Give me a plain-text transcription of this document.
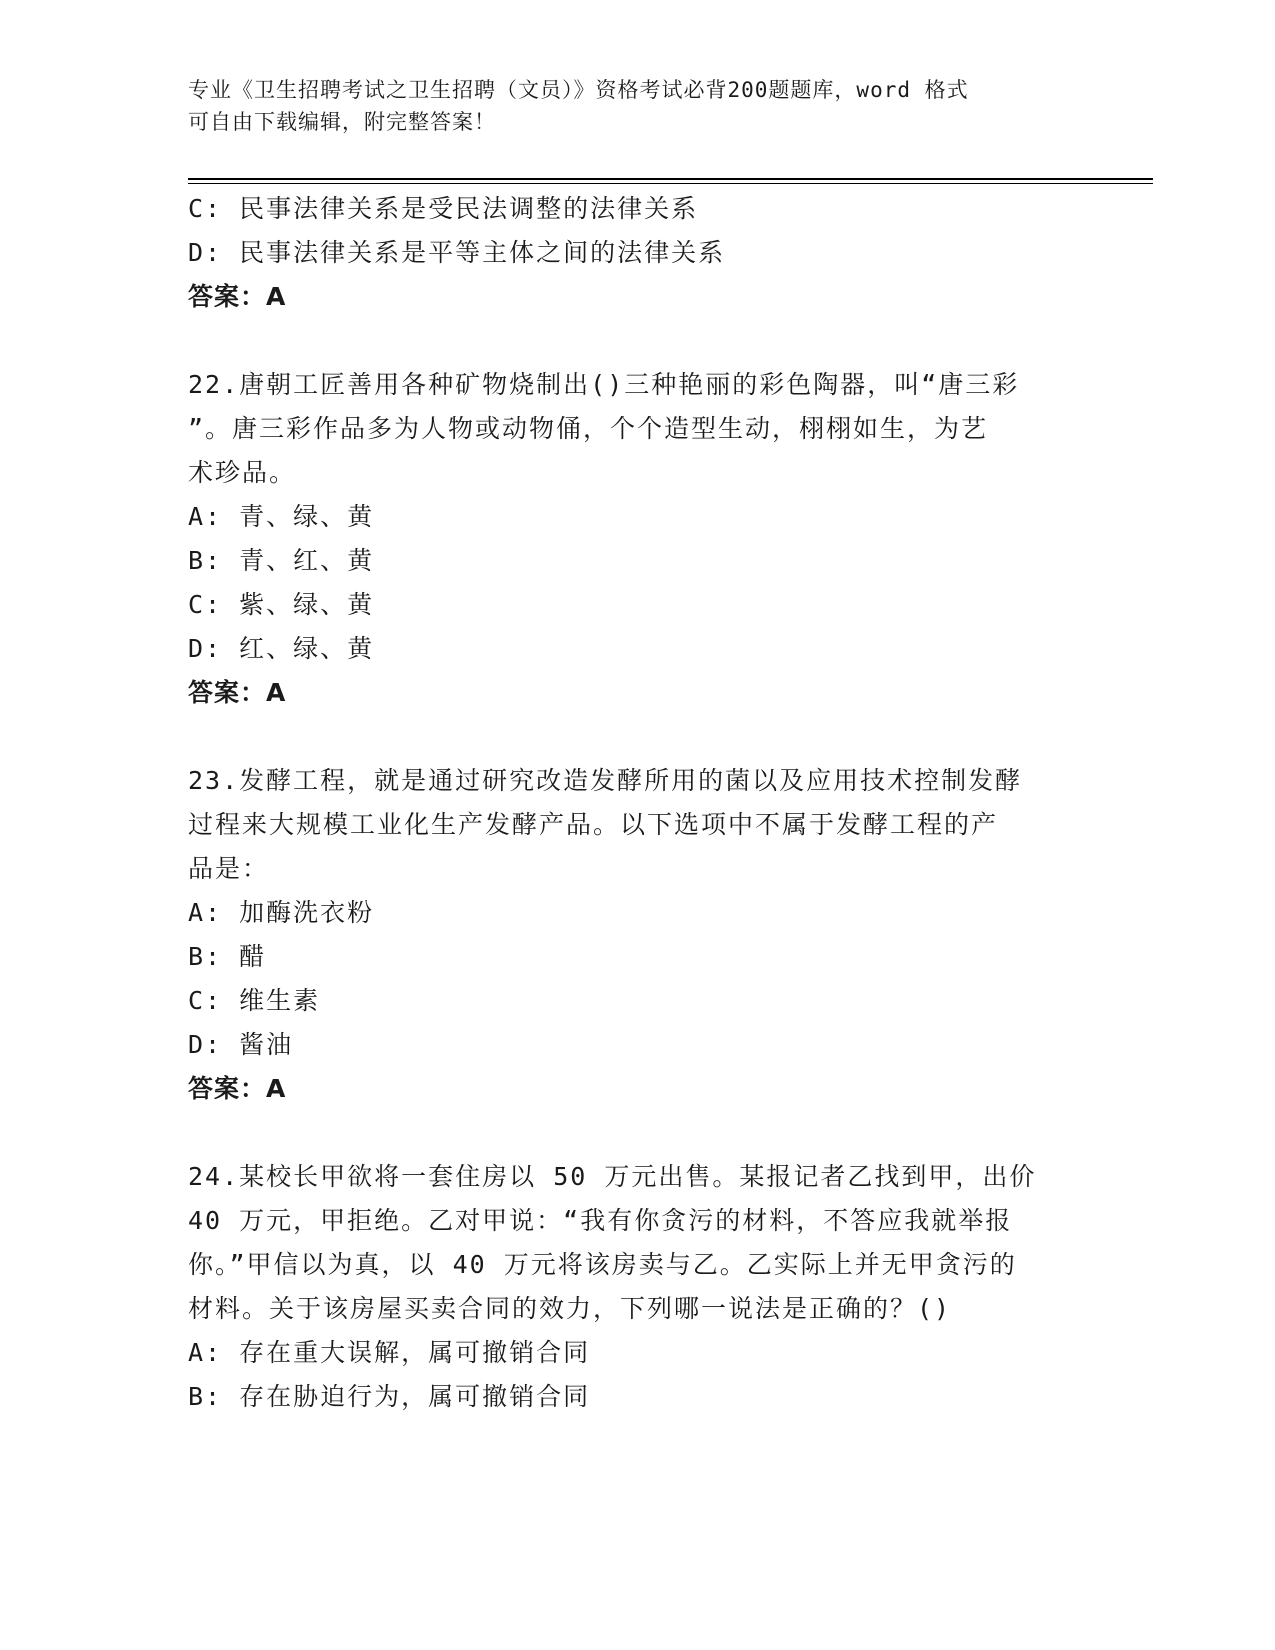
专业《卫生招聘考试之卫生招聘（文员）》资格考试必背200题题库，word 格式
可自由下载编辑，附完整答案！
C: 民事法律关系是受民法调整的法律关系
D: 民事法律关系是平等主体之间的法律关系
答案：A
22.唐朝工匠善用各种矿物烧制出()三种艳丽的彩色陶器，叫“唐三彩
”。唐三彩作品多为人物或动物俑，个个造型生动，栩栩如生，为艺
术珍品。
A: 青、绿、黄
B: 青、红、黄
C: 紫、绿、黄
D: 红、绿、黄
答案：A
23.发酵工程，就是通过研究改造发酵所用的菌以及应用技术控制发酵
过程来大规模工业化生产发酵产品。以下选项中不属于发酵工程的产
品是：
A: 加酶洗衣粉
B: 醋
C: 维生素
D: 酱油
答案：A
24.某校长甲欲将一套住房以 50 万元出售。某报记者乙找到甲，出价
40 万元，甲拒绝。乙对甲说：“我有你贪污的材料，不答应我就举报
你。”甲信以为真，以 40 万元将该房卖与乙。乙实际上并无甲贪污的
材料。关于该房屋买卖合同的效力，下列哪一说法是正确的？()
A: 存在重大误解，属可撤销合同
B: 存在胁迫行为，属可撤销合同
